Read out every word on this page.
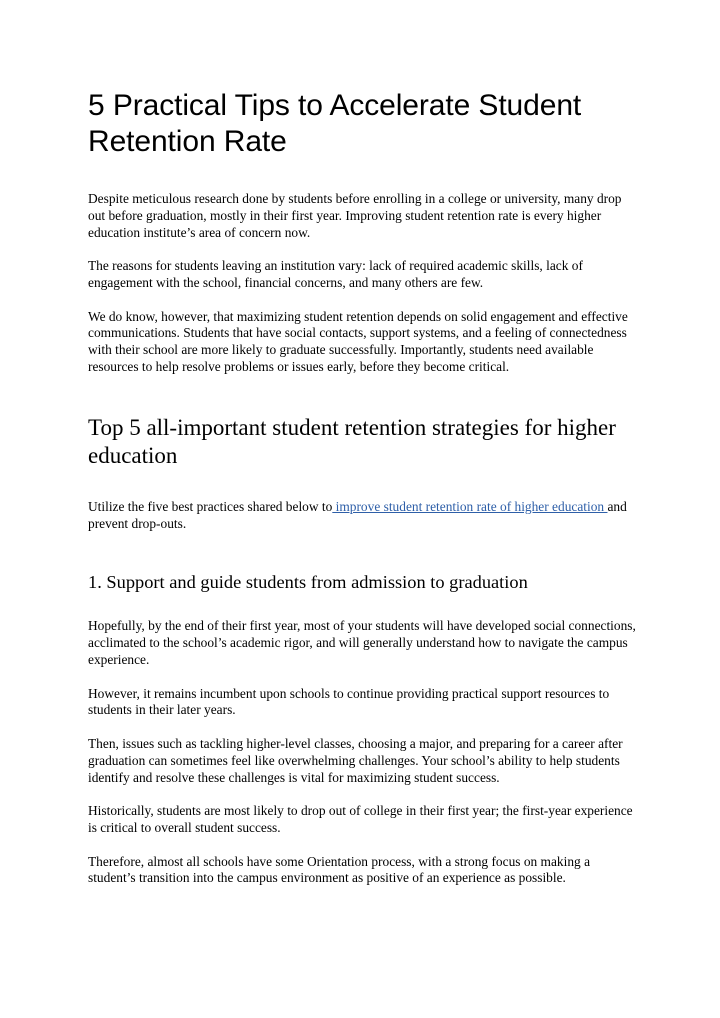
5 Practical Tips to Accelerate Student Retention Rate

Despite meticulous research done by students before enrolling in a college or university, many drop out before graduation, mostly in their first year. Improving student retention rate is every higher education institute’s area of concern now.

The reasons for students leaving an institution vary: lack of required academic skills, lack of engagement with the school, financial concerns, and many others are few.

We do know, however, that maximizing student retention depends on solid engagement and effective communications. Students that have social contacts, support systems, and a feeling of connectedness with their school are more likely to graduate successfully. Importantly, students need available resources to help resolve problems or issues early, before they become critical.

Top 5 all-important student retention strategies for higher education

Utilize the five best practices shared below to improve student retention rate of higher education and prevent drop-outs.

1. Support and guide students from admission to graduation

Hopefully, by the end of their first year, most of your students will have developed social connections, acclimated to the school’s academic rigor, and will generally understand how to navigate the campus experience.

However, it remains incumbent upon schools to continue providing practical support resources to students in their later years.

Then, issues such as tackling higher-level classes, choosing a major, and preparing for a career after graduation can sometimes feel like overwhelming challenges. Your school’s ability to help students identify and resolve these challenges is vital for maximizing student success.

Historically, students are most likely to drop out of college in their first year; the first-year experience is critical to overall student success.

Therefore, almost all schools have some Orientation process, with a strong focus on making a student’s transition into the campus environment as positive of an experience as possible.
